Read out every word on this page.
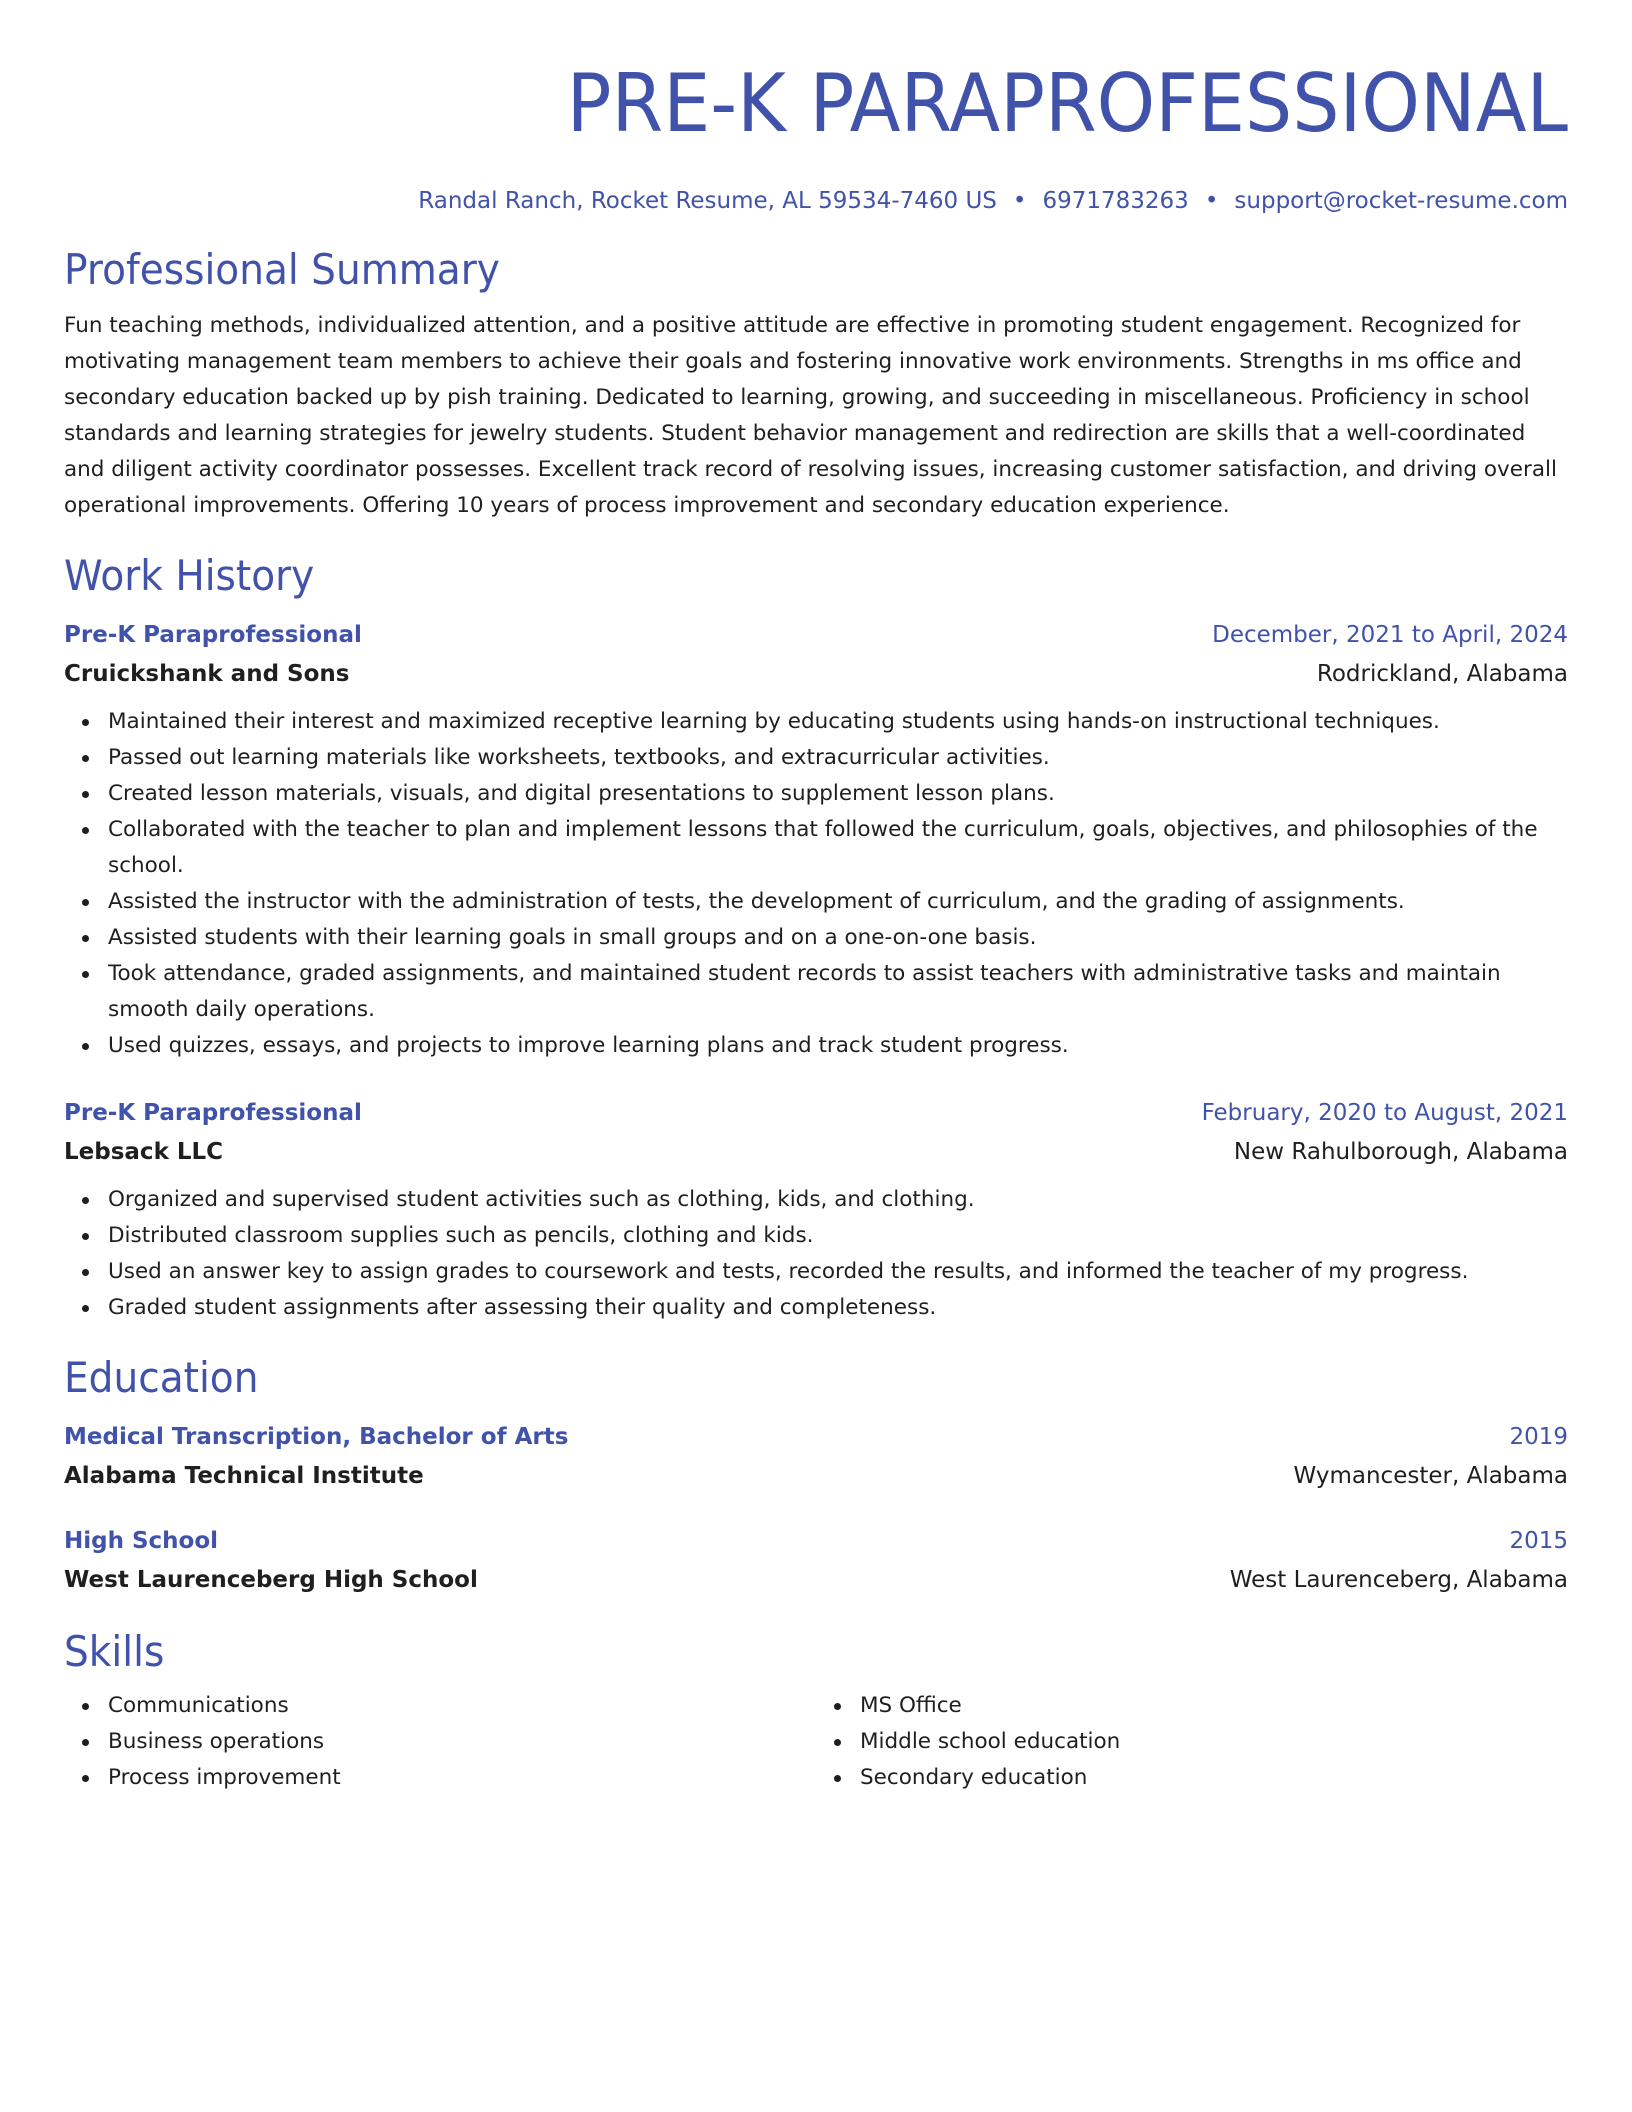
PRE-K PARAPROFESSIONAL
Randal Ranch, Rocket Resume, AL 59534-7460 US • 6971783263 • support@rocket-resume.com
Professional Summary
Fun teaching methods, individualized attention, and a positive attitude are effective in promoting student engagement. Recognized for motivating management team members to achieve their goals and fostering innovative work environments. Strengths in ms office and secondary education backed up by pish training. Dedicated to learning, growing, and succeeding in miscellaneous. Proficiency in school standards and learning strategies for jewelry students. Student behavior management and redirection are skills that a well-coordinated and diligent activity coordinator possesses. Excellent track record of resolving issues, increasing customer satisfaction, and driving overall operational improvements. Offering 10 years of process improvement and secondary education experience.
Work History
Pre-K Paraprofessional	December, 2021 to April, 2024
Cruickshank and Sons	Rodrickland, Alabama
Maintained their interest and maximized receptive learning by educating students using hands-on instructional techniques.
Passed out learning materials like worksheets, textbooks, and extracurricular activities.
Created lesson materials, visuals, and digital presentations to supplement lesson plans.
Collaborated with the teacher to plan and implement lessons that followed the curriculum, goals, objectives, and philosophies of the school.
Assisted the instructor with the administration of tests, the development of curriculum, and the grading of assignments.
Assisted students with their learning goals in small groups and on a one-on-one basis.
Took attendance, graded assignments, and maintained student records to assist teachers with administrative tasks and maintain smooth daily operations.
Used quizzes, essays, and projects to improve learning plans and track student progress.
Pre-K Paraprofessional	February, 2020 to August, 2021
Lebsack LLC	New Rahulborough, Alabama
Organized and supervised student activities such as clothing, kids, and clothing.
Distributed classroom supplies such as pencils, clothing and kids.
Used an answer key to assign grades to coursework and tests, recorded the results, and informed the teacher of my progress.
Graded student assignments after assessing their quality and completeness.
Education
Medical Transcription, Bachelor of Arts	2019
Alabama Technical Institute	Wymancester, Alabama
High School	2015
West Laurenceberg High School	West Laurenceberg, Alabama
Skills
Communications
Business operations
Process improvement
MS Office
Middle school education
Secondary education
